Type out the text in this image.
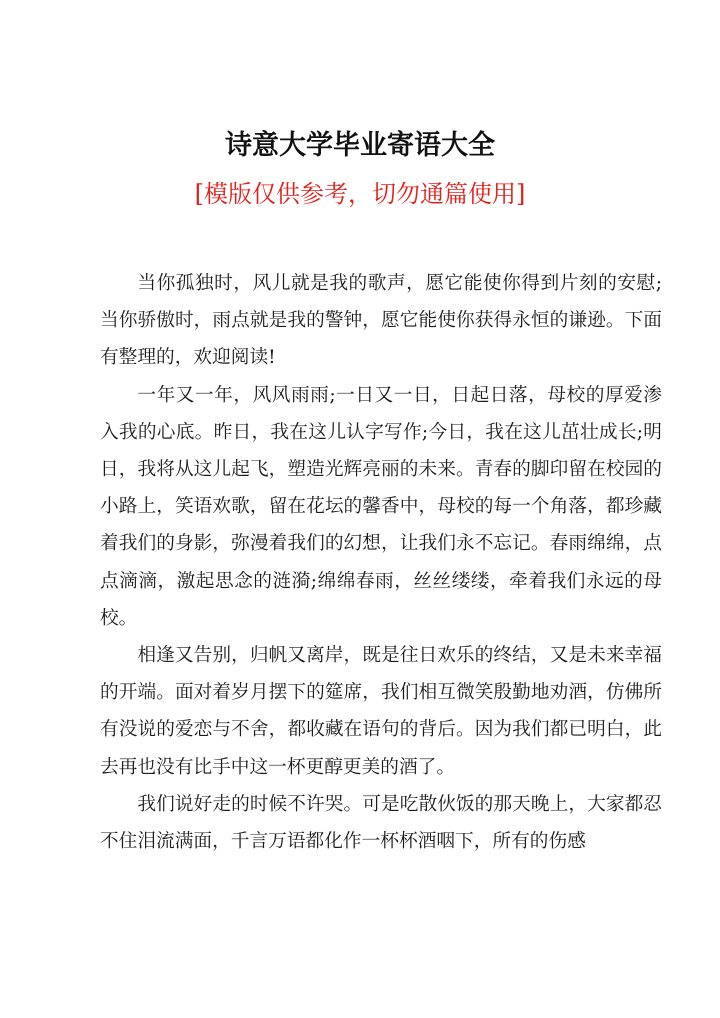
诗意大学毕业寄语大全
[模版仅供参考，切勿通篇使用]

当你孤独时，风儿就是我的歌声，愿它能使你得到片刻的安慰;当你骄傲时，雨点就是我的警钟，愿它能使你获得永恒的谦逊。下面有整理的，欢迎阅读!

一年又一年，风风雨雨;一日又一日，日起日落，母校的厚爱渗入我的心底。昨日，我在这儿认字写作;今日，我在这儿茁壮成长;明日，我将从这儿起飞，塑造光辉亮丽的未来。青春的脚印留在校园的小路上，笑语欢歌，留在花坛的馨香中，母校的每一个角落，都珍藏着我们的身影，弥漫着我们的幻想，让我们永不忘记。春雨绵绵，点点滴滴，激起思念的涟漪;绵绵春雨，丝丝缕缕，牵着我们永远的母校。

相逢又告别，归帆又离岸，既是往日欢乐的终结，又是未来幸福的开端。面对着岁月摆下的筵席，我们相互微笑殷勤地劝酒，仿佛所有没说的爱恋与不舍，都收藏在语句的背后。因为我们都已明白，此去再也没有比手中这一杯更醇更美的酒了。

我们说好走的时候不许哭。可是吃散伙饭的那天晚上，大家都忍不住泪流满面，千言万语都化作一杯杯酒咽下，所有的伤感
